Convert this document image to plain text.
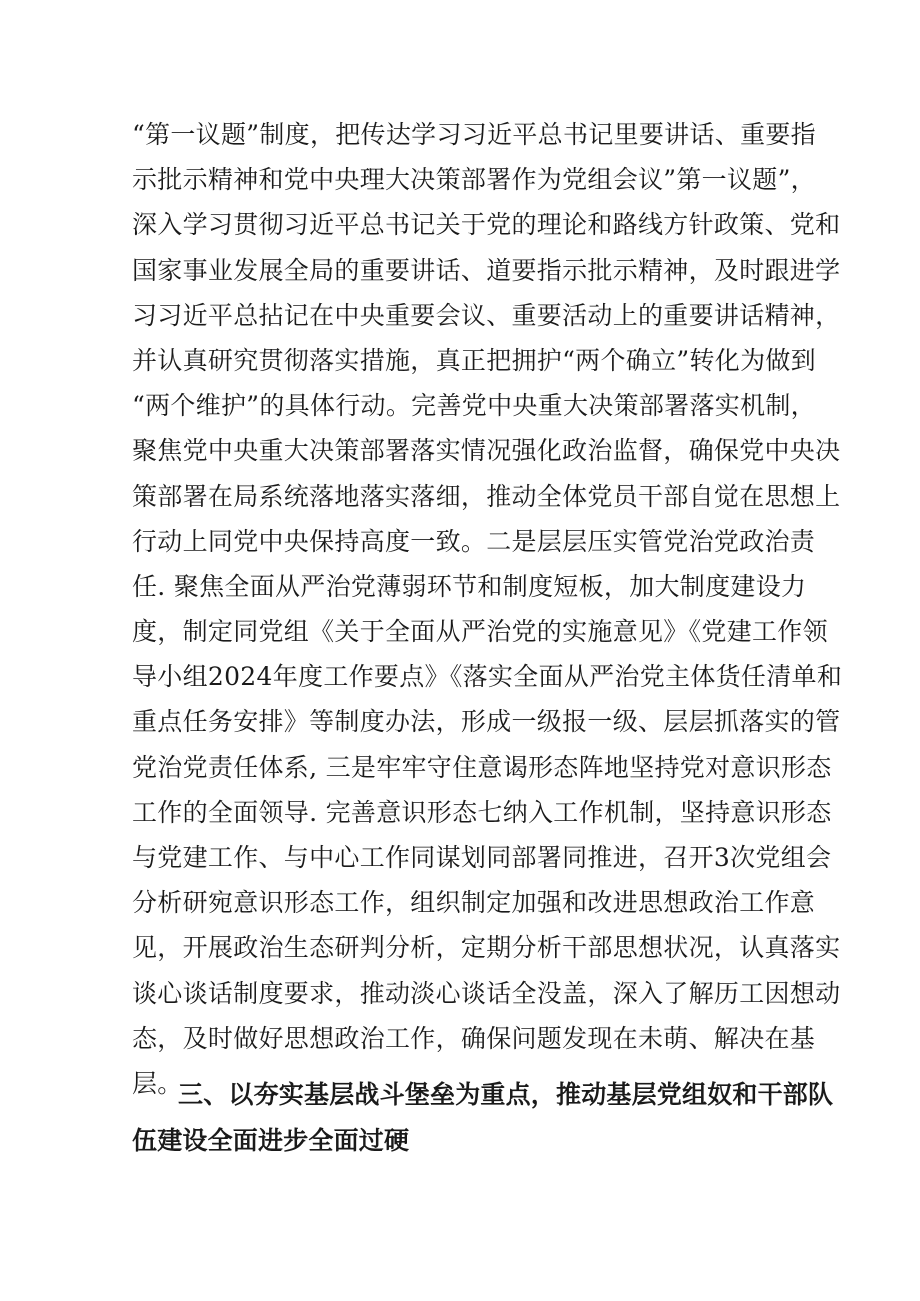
“第一议题”制度，把传达学习习近平总书记里要讲话、重要指
示批示精神和党中央理大决策部署作为党组会议”第一议题”，
深入学习贯彻习近平总书记关于党的理论和路线方针政策、党和
国家事业发展全局的重要讲话、道要指示批示精神，及时跟进学
习习近平总拈记在中央重要会议、重要活动上的重要讲话精神，
并认真研究贯彻落实措施，真正把拥护“两个确立”转化为做到
“两个维护”的具体行动。完善党中央重大决策部署落实机制，
聚焦党中央重大决策部署落实情况强化政治监督，确保党中央决
策部署在局系统落地落实落细，推动全体党员干部自觉在思想上
行动上同党中央保持高度一致。二是层层压实管党治党政治责
任. 聚焦全面从严治党薄弱环节和制度短板，加大制度建设力
度，制定同党组《关于全面从严治党的实施意见》《党建工作领
导小组2024年度工作要点》《落实全面从严治党主体货任清单和
重点任务安排》等制度办法，形成一级报一级、层层抓落实的管
党治党责任体系, 三是牢牢守住意谒形态阵地坚持党对意识形态
工作的全面领导. 完善意识形态七纳入工作机制，坚持意识形态
与党建工作、与中心工作同谋划同部署同推进，召开3次党组会
分析研宛意识形态工作，组织制定加强和改进思想政治工作意
见，开展政治生态研判分析，定期分析干部思想状况，认真落实
谈心谈话制度要求，推动淡心谈话全没盖，深入了解历工因想动
态，及时做好思想政治工作，确保问题发现在未萌、解决在基
层。
三、以夯实基层战斗堡垒为重点，推动基层党组奴和干部队
伍建设全面进步全面过硬
